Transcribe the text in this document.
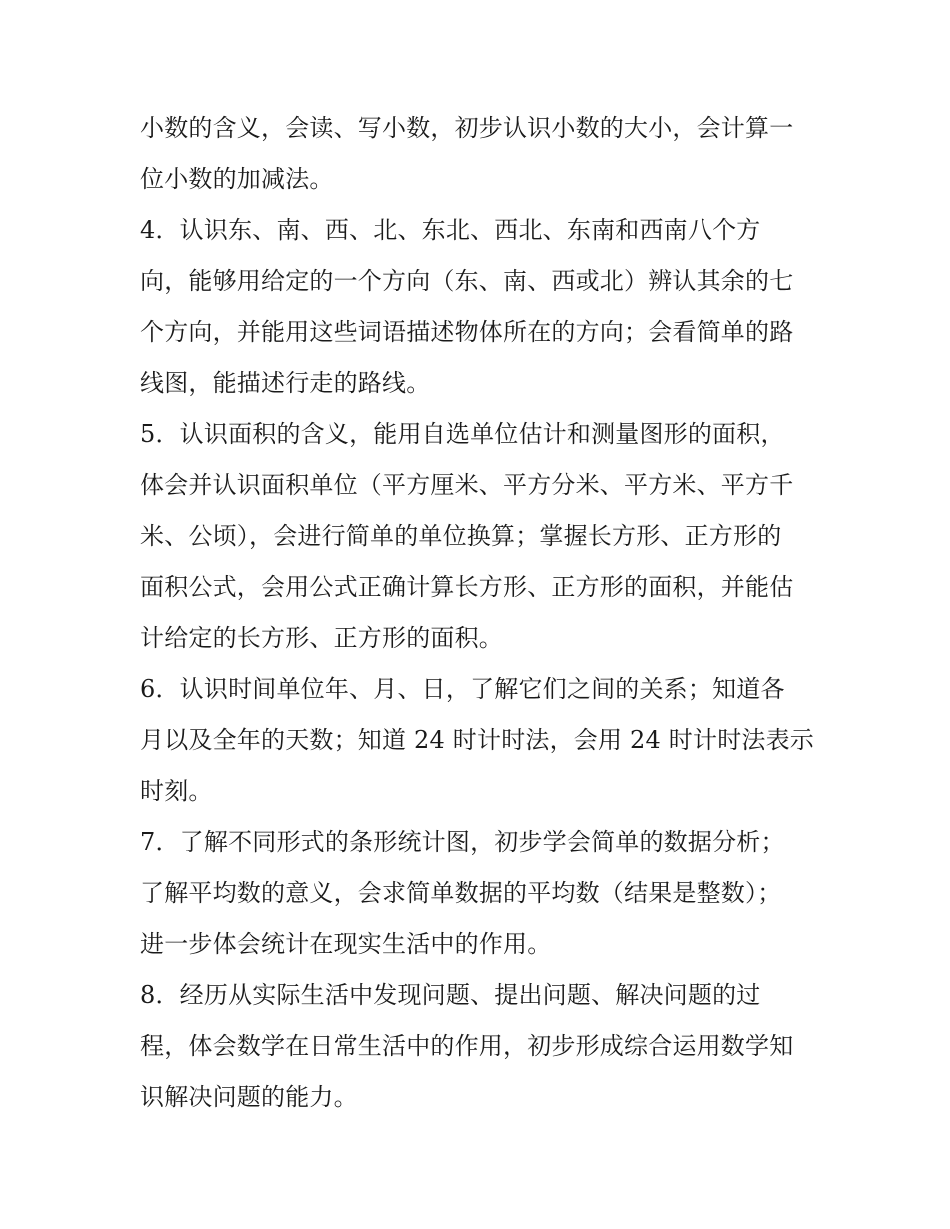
小数的含义，会读、写小数，初步认识小数的大小，会计算一
位小数的加减法。
4．认识东、南、西、北、东北、西北、东南和西南八个方
向，能够用给定的一个方向（东、南、西或北）辨认其余的七
个方向，并能用这些词语描述物体所在的方向；会看简单的路
线图，能描述行走的路线。
5．认识面积的含义，能用自选单位估计和测量图形的面积，
体会并认识面积单位（平方厘米、平方分米、平方米、平方千
米、公顷），会进行简单的单位换算；掌握长方形、正方形的
面积公式，会用公式正确计算长方形、正方形的面积，并能估
计给定的长方形、正方形的面积。
6．认识时间单位年、月、日，了解它们之间的关系；知道各
月以及全年的天数；知道 24 时计时法，会用 24 时计时法表示
时刻。
7．了解不同形式的条形统计图，初步学会简单的数据分析；
了解平均数的意义，会求简单数据的平均数（结果是整数）；
进一步体会统计在现实生活中的作用。
8．经历从实际生活中发现问题、提出问题、解决问题的过
程，体会数学在日常生活中的作用，初步形成综合运用数学知
识解决问题的能力。
